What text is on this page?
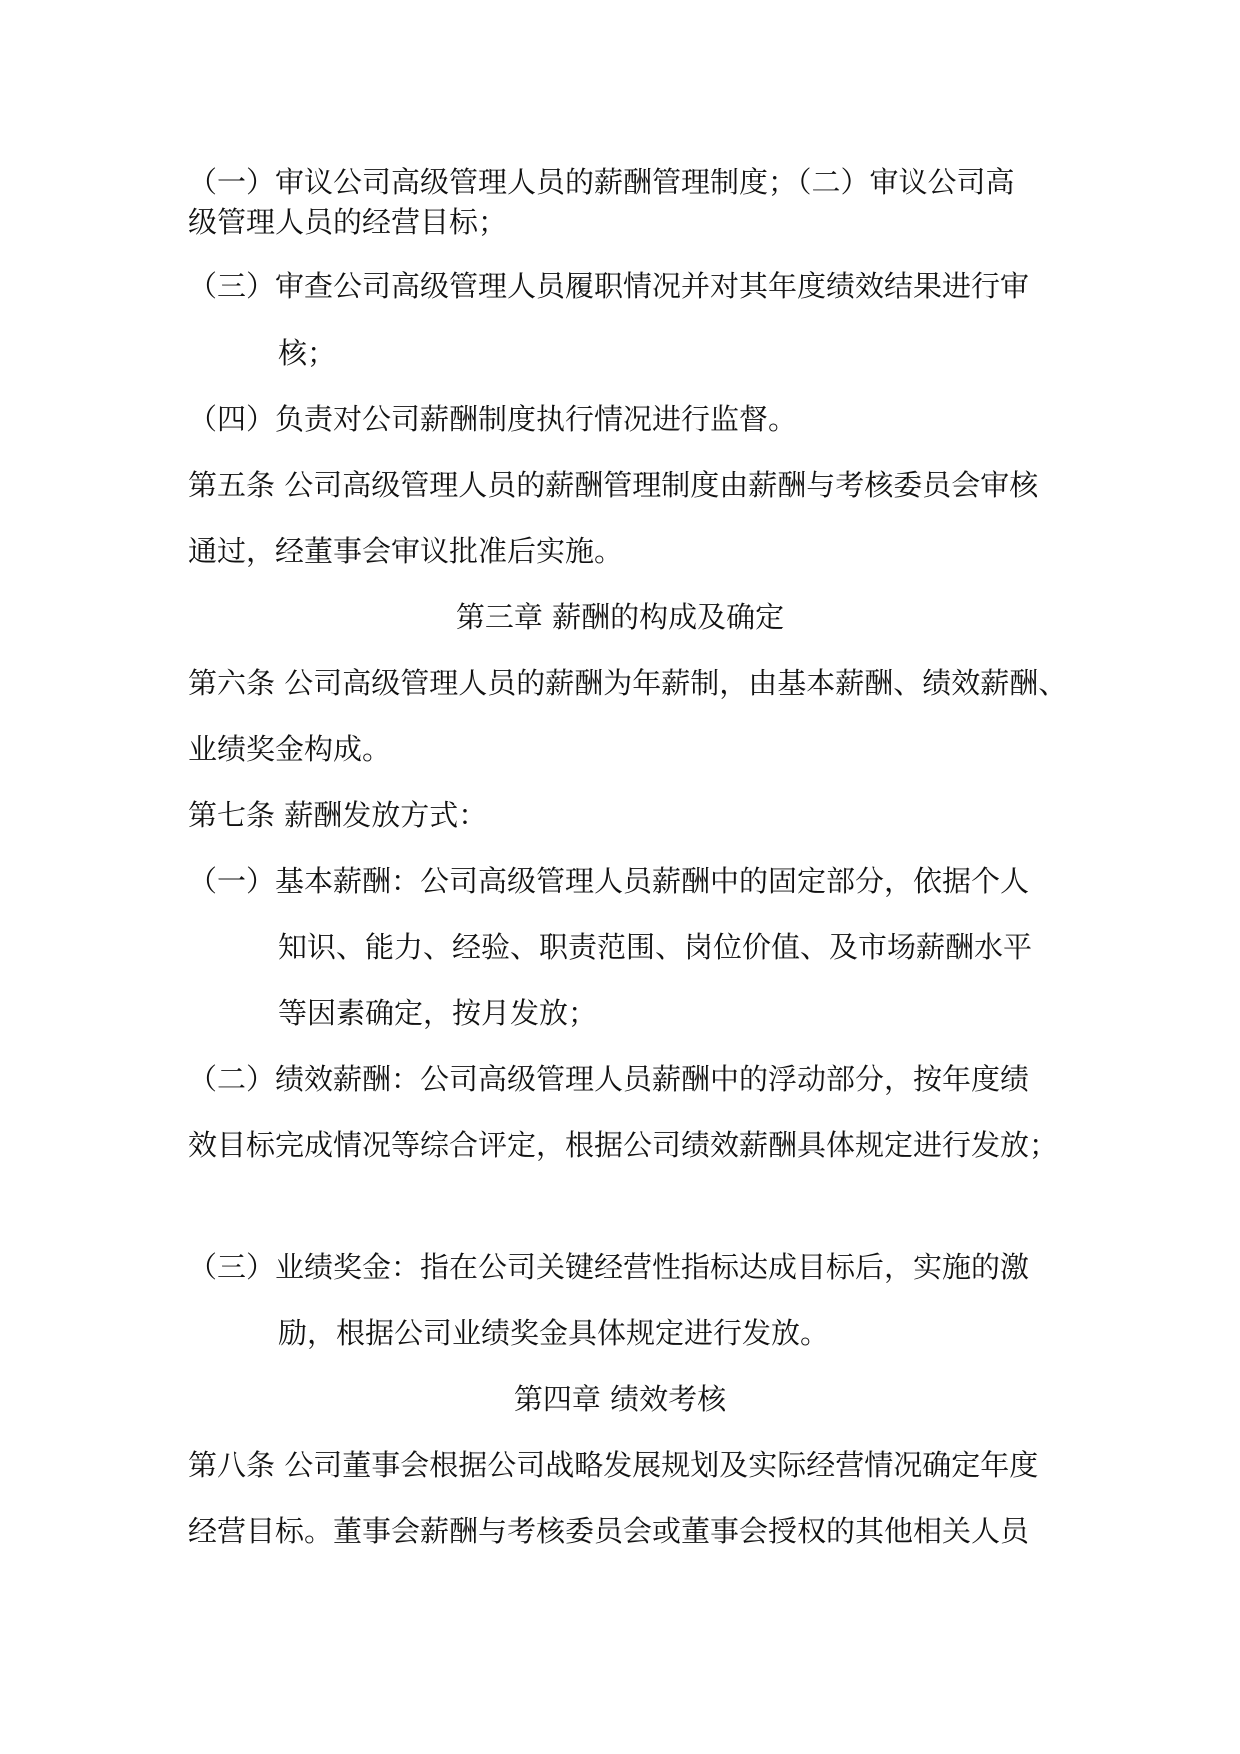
（一）审议公司高级管理人员的薪酬管理制度；（二）审议公司高

级管理人员的经营目标；

（三）审查公司高级管理人员履职情况并对其年度绩效结果进行审

核；

（四）负责对公司薪酬制度执行情况进行监督。

第五条 公司高级管理人员的薪酬管理制度由薪酬与考核委员会审核

通过，经董事会审议批准后实施。

第三章 薪酬的构成及确定

第六条 公司高级管理人员的薪酬为年薪制，由基本薪酬、绩效薪酬、

业绩奖金构成。

第七条 薪酬发放方式：

（一）基本薪酬：公司高级管理人员薪酬中的固定部分，依据个人

知识、能力、经验、职责范围、岗位价值、及市场薪酬水平

等因素确定，按月发放；

（二）绩效薪酬：公司高级管理人员薪酬中的浮动部分，按年度绩

效目标完成情况等综合评定，根据公司绩效薪酬具体规定进行发放；

（三）业绩奖金：指在公司关键经营性指标达成目标后，实施的激

励，根据公司业绩奖金具体规定进行发放。

第四章 绩效考核

第八条 公司董事会根据公司战略发展规划及实际经营情况确定年度

经营目标。董事会薪酬与考核委员会或董事会授权的其他相关人员
